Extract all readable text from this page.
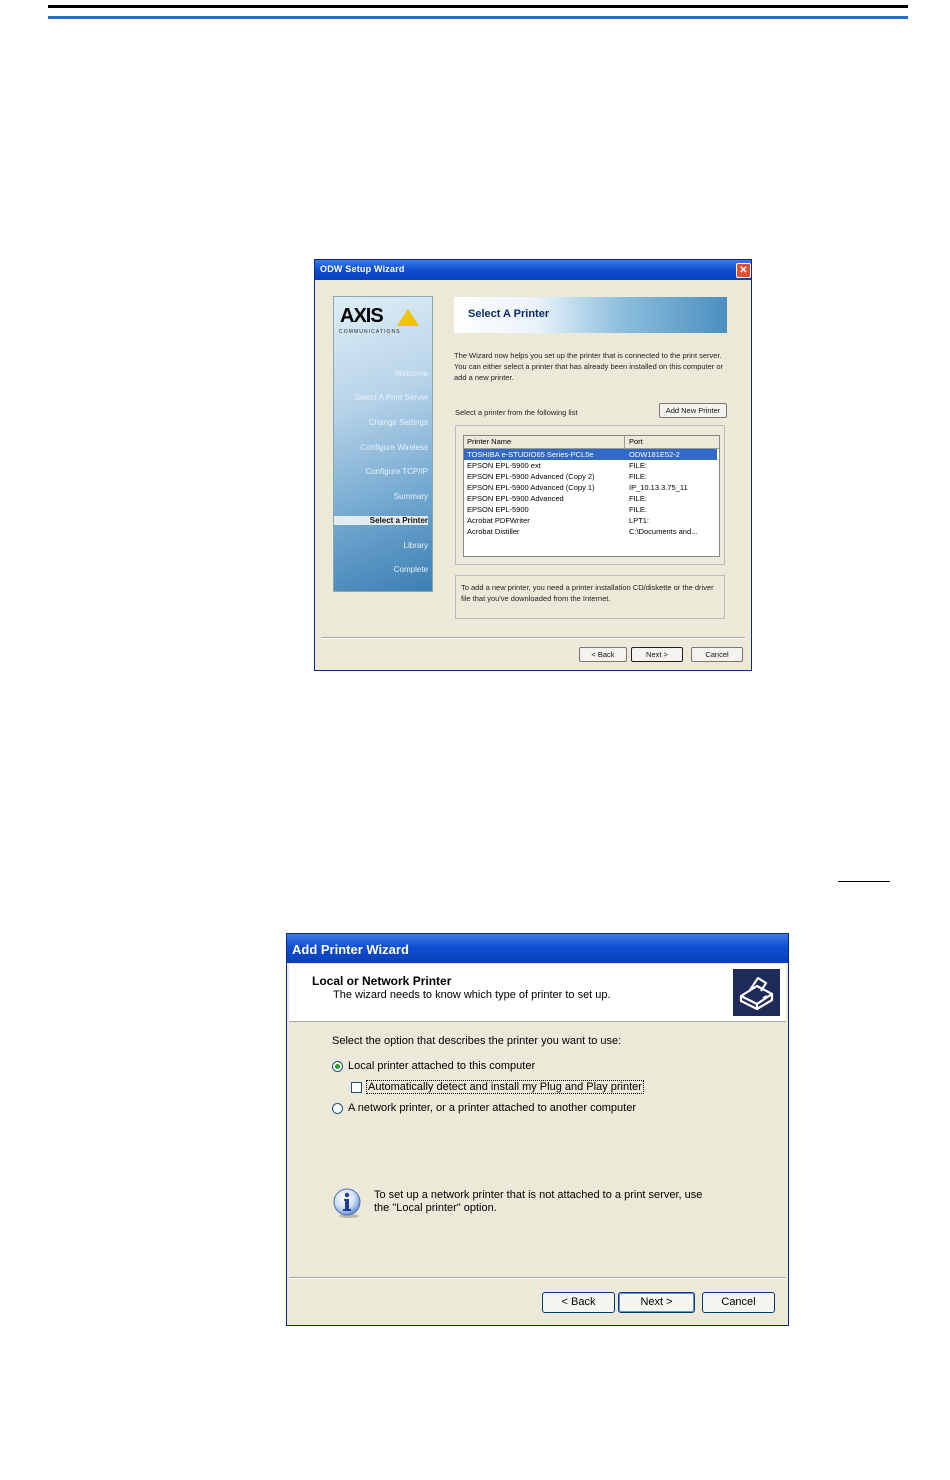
ODW Setup Wizard	✕
AXIS
COMMUNICATIONS
Welcome
Select A Print Server
Change Settings
Configure Wireless
Configure TCP/IP
Summary
Select a Printer
Library
Complete
Select A Printer
The Wizard now helps you set up the printer that is connected to the print server. You can either select a printer that has already been installed on this computer or add a new printer.
Select a printer from the following list	Add New Printer
Printer Name	Port
TOSHIBA e-STUDIO65 Series-PCL5e	ODW181E52-2
EPSON EPL-5900 ext	FILE:
EPSON EPL-5900 Advanced (Copy 2)	FILE:
EPSON EPL-5900 Advanced (Copy 1)	IP_10.13.3.75_11
EPSON EPL-5900 Advanced	FILE:
EPSON EPL-5900	FILE:
Acrobat PDFWriter	LPT1:
Acrobat Distiller	C:\Documents and...
To add a new printer, you need a printer installation CD/diskette or the driver file that you've downloaded from the Internet.
< Back	Next >	Cancel
Add Printer Wizard
Local or Network Printer
The wizard needs to know which type of printer to set up.
Select the option that describes the printer you want to use:
Local printer attached to this computer
Automatically detect and install my Plug and Play printer
A network printer, or a printer attached to another computer
To set up a network printer that is not attached to a print server, use the "Local printer" option.
< Back	Next >	Cancel
